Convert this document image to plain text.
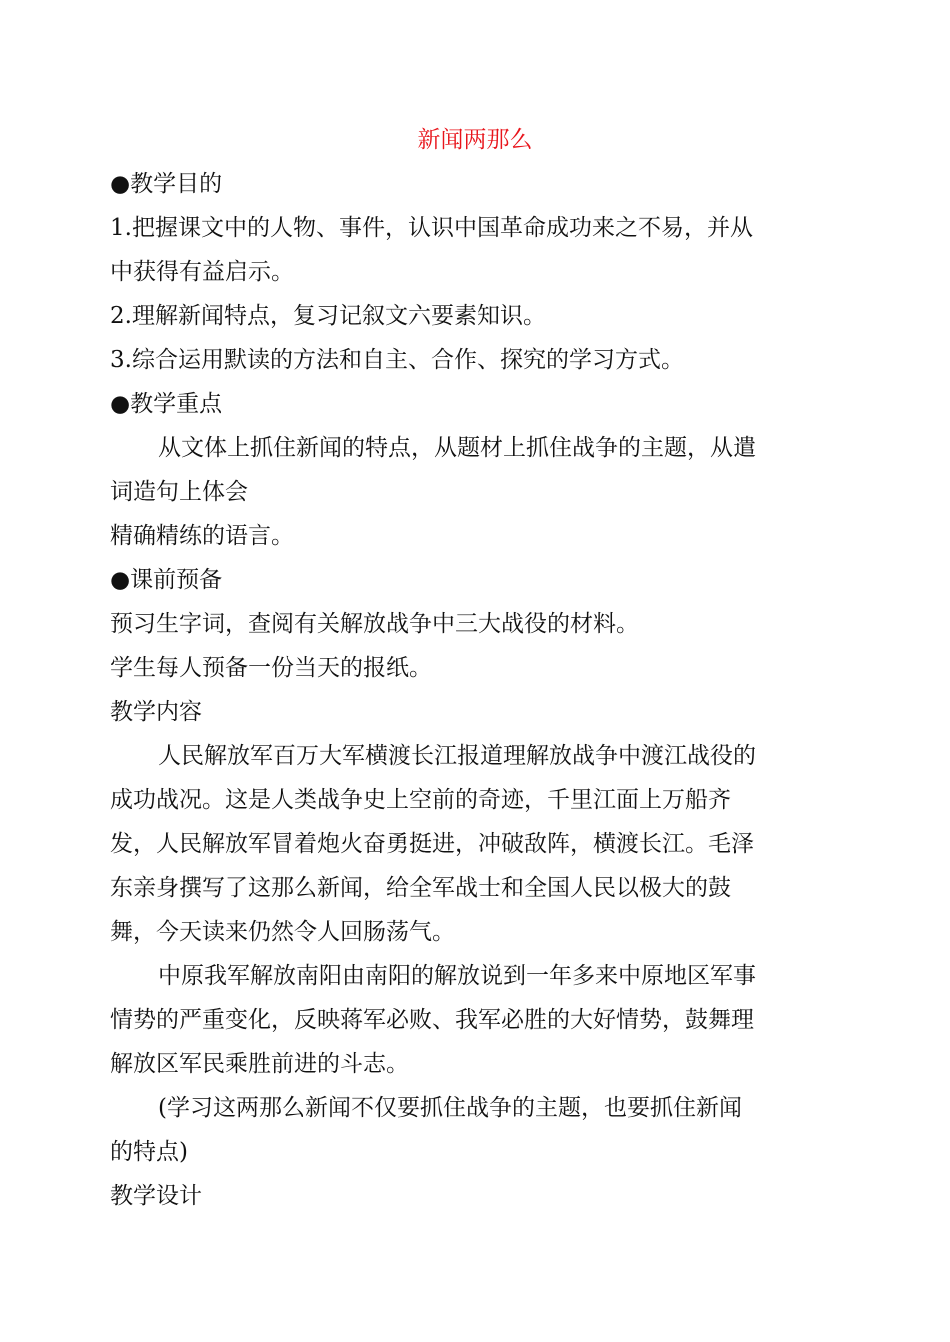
新闻两那么

●教学目的

1.把握课文中的人物、事件，认识中国革命成功来之不易，并从

中获得有益启示。

2.理解新闻特点，复习记叙文六要素知识。

3.综合运用默读的方法和自主、合作、探究的学习方式。

●教学重点

从文体上抓住新闻的特点，从题材上抓住战争的主题，从遣

词造句上体会

精确精练的语言。

●课前预备

预习生字词，查阅有关解放战争中三大战役的材料。

学生每人预备一份当天的报纸。

教学内容

人民解放军百万大军横渡长江报道理解放战争中渡江战役的

成功战况。这是人类战争史上空前的奇迹，千里江面上万船齐

发，人民解放军冒着炮火奋勇挺进，冲破敌阵，横渡长江。毛泽

东亲身撰写了这那么新闻，给全军战士和全国人民以极大的鼓

舞，今天读来仍然令人回肠荡气。

中原我军解放南阳由南阳的解放说到一年多来中原地区军事

情势的严重变化，反映蒋军必败、我军必胜的大好情势，鼓舞理

解放区军民乘胜前进的斗志。

(学习这两那么新闻不仅要抓住战争的主题，也要抓住新闻

的特点)

教学设计
